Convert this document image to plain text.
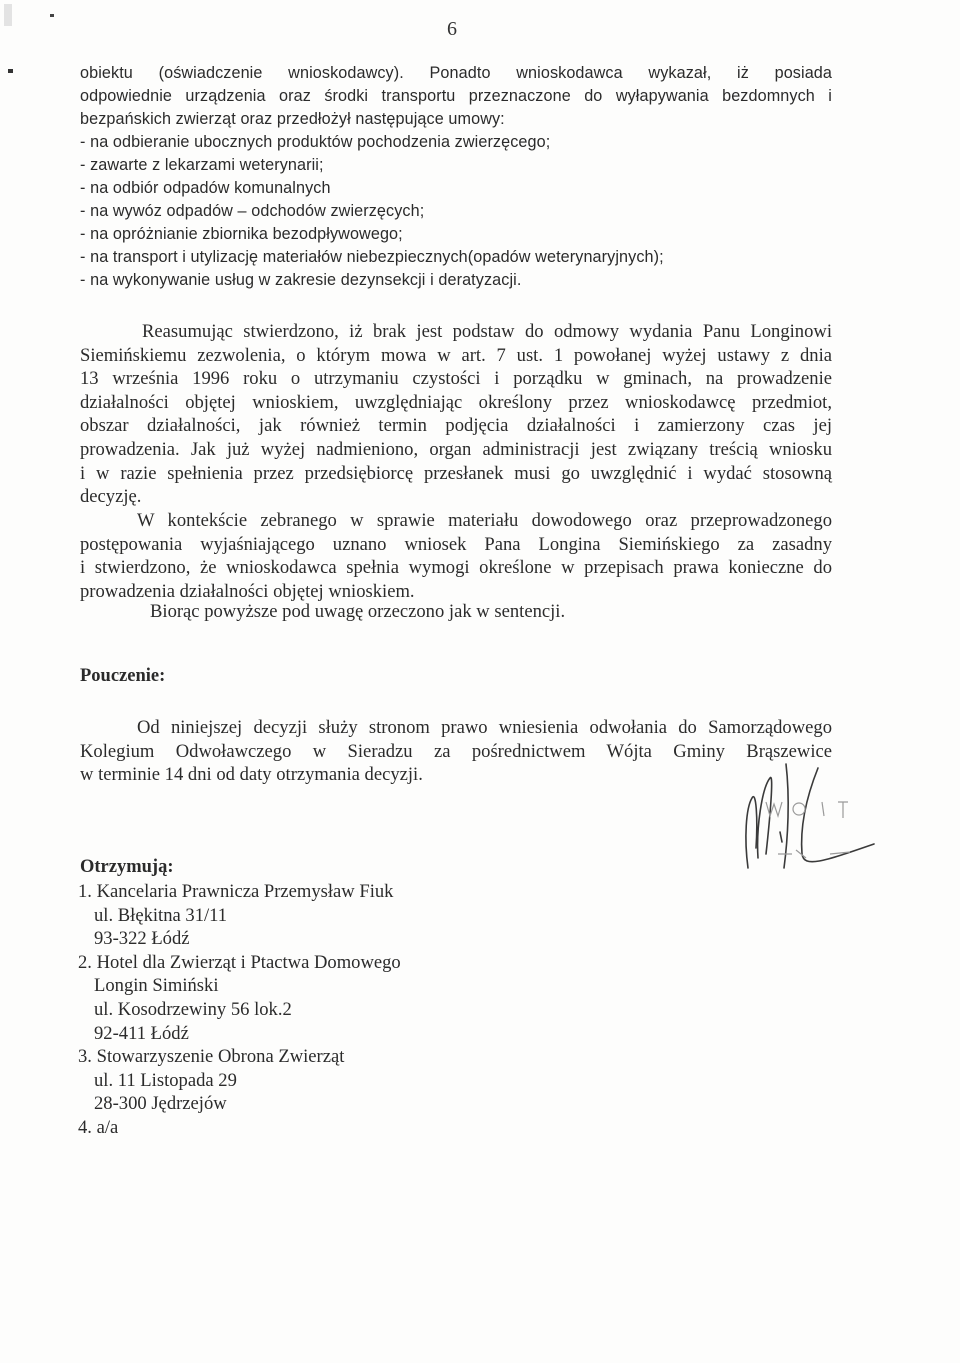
6
obiektu (oświadczenie wnioskodawcy). Ponadto wnioskodawca wykazał, iż posiada
odpowiednie urządzenia oraz środki transportu przeznaczone do wyłapywania bezdomnych i
bezpańskich zwierząt oraz przedłożył następujące umowy:
- na odbieranie ubocznych produktów pochodzenia zwierzęcego;
- zawarte z lekarzami weterynarii;
- na odbiór odpadów komunalnych
- na wywóz odpadów – odchodów zwierzęcych;
- na opróżnianie zbiornika bezodpływowego;
- na transport i utylizację materiałów niebezpiecznych(opadów weterynaryjnych);
- na wykonywanie usług w zakresie dezynsekcji i deratyzacji.
Reasumując stwierdzono, iż brak jest podstaw do odmowy wydania Panu Longinowi
Siemińskiemu zezwolenia, o którym mowa w art. 7 ust. 1 powołanej wyżej ustawy z dnia
13 września 1996 roku o utrzymaniu czystości i porządku w gminach, na prowadzenie
działalności objętej wnioskiem, uwzględniając określony przez wnioskodawcę przedmiot,
obszar działalności, jak również termin podjęcia działalności i zamierzony czas jej
prowadzenia. Jak już wyżej nadmieniono, organ administracji jest związany treścią wniosku
i w razie spełnienia przez przedsiębiorcę przesłanek musi go uwzględnić i wydać stosowną
decyzję.
W kontekście zebranego w sprawie materiału dowodowego oraz przeprowadzonego
postępowania wyjaśniającego uznano wniosek Pana Longina Siemińskiego za zasadny
i stwierdzono, że wnioskodawca spełnia wymogi określone w przepisach prawa konieczne do
prowadzenia działalności objętej wnioskiem.
Biorąc powyższe pod uwagę orzeczono jak w sentencji.
Pouczenie:
Od niniejszej decyzji służy stronom prawo wniesienia odwołania do Samorządowego
Kolegium Odwoławczego w Sieradzu za pośrednictwem Wójta Gminy Brąszewice
w terminie 14 dni od daty otrzymania decyzji.
Otrzymują:
1. Kancelaria Prawnicza Przemysław Fiuk
ul. Błękitna 31/11
93-322 Łódź
2. Hotel dla Zwierząt i Ptactwa Domowego
Longin Simiński
ul. Kosodrzewiny 56 lok.2
92-411 Łódź
3. Stowarzyszenie Obrona Zwierząt
ul. 11 Listopada 29
28-300 Jędrzejów
4. a/a
